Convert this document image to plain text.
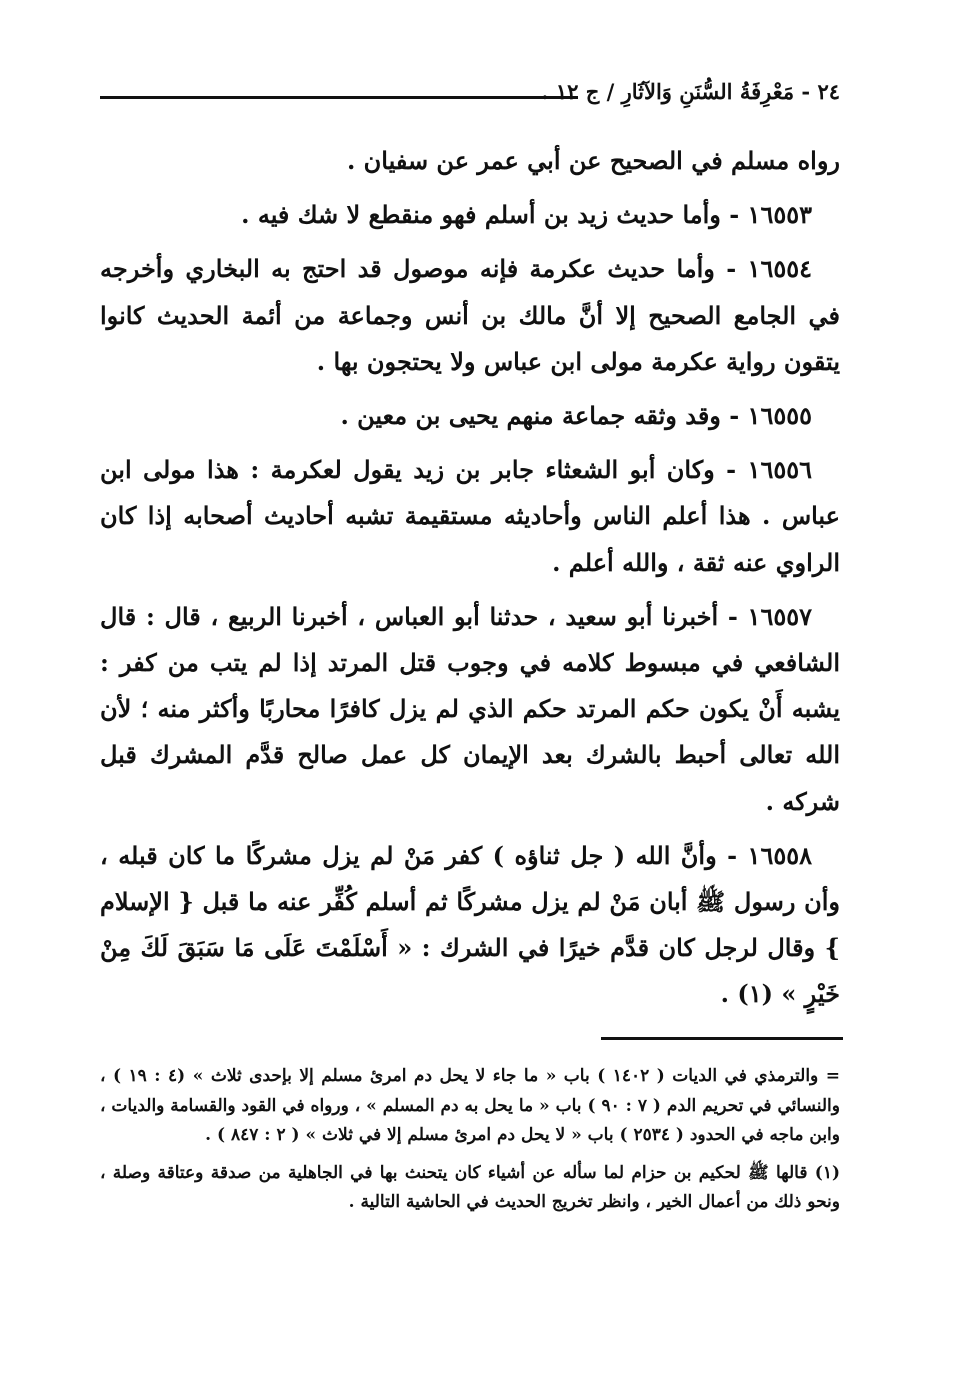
٢٤ - مَعْرِفَةُ السُّنَنِ وَالآثَارِ / ج ١٢ .

رواه مسلم في الصحيح عن أبي عمر عن سفيان .

١٦٥٥٣ - وأما حديث زيد بن أسلم فهو منقطع لا شك فيه .

١٦٥٥٤ - وأما حديث عكرمة فإنه موصول قد احتج به البخاري وأخرجه في الجامع الصحيح إلا أنَّ مالك بن أنس وجماعة من أئمة الحديث كانوا يتقون رواية عكرمة مولى ابن عباس ولا يحتجون بها .

١٦٥٥٥ - وقد وثقه جماعة منهم يحيى بن معين .

١٦٥٥٦ - وكان أبو الشعثاء جابر بن زيد يقول لعكرمة : هذا مولى ابن عباس . هذا أعلم الناس وأحاديثه مستقيمة تشبه أحاديث أصحابه إذا كان الراوي عنه ثقة ، والله أعلم .

١٦٥٥٧ - أخبرنا أبو سعيد ، حدثنا أبو العباس ، أخبرنا الربيع ، قال : قال الشافعي في مبسوط كلامه في وجوب قتل المرتد إذا لم يتب من كفر : يشبه أَنْ يكون حكم المرتد حكم الذي لم يزل كافرًا محاربًا وأكثر منه ؛ لأن الله تعالى أحبط بالشرك بعد الإيمان كل عمل صالح قدَّم المشرك قبل شركه .

١٦٥٥٨ - وأنَّ الله ( جل ثناؤه ) كفر مَنْ لم يزل مشركًا ما كان قبله ، وأن رسول ﷺ أبان مَنْ لم يزل مشركًا ثم أسلم كُفِّر عنه ما قبل { الإسلام } وقال لرجل كان قدَّم خيرًا في الشرك : « أَسْلَمْتَ عَلَى مَا سَبَقَ لَكَ مِنْ خَيْرٍ » (١) .

= والترمذي في الديات ( ١٤٠٢ ) باب « ما جاء لا يحل دم امرئ مسلم إلا بإحدى ثلاث » (٤ : ١٩ ) ، والنسائي في تحريم الدم ( ٧ : ٩٠ ) باب « ما يحل به دم المسلم » ، ورواه في القود والقسامة والديات ، وابن ماجه في الحدود ( ٢٥٣٤ ) باب « لا يحل دم امرئ مسلم إلا في ثلاث » ( ٢ : ٨٤٧ ) .

(١) قالها ﷺ لحكيم بن حزام لما سأله عن أشياء كان يتحنث بها في الجاهلية من صدقة وعتاقة وصلة ، ونحو ذلك من أعمال الخير ، وانظر تخريج الحديث في الحاشية التالية .
